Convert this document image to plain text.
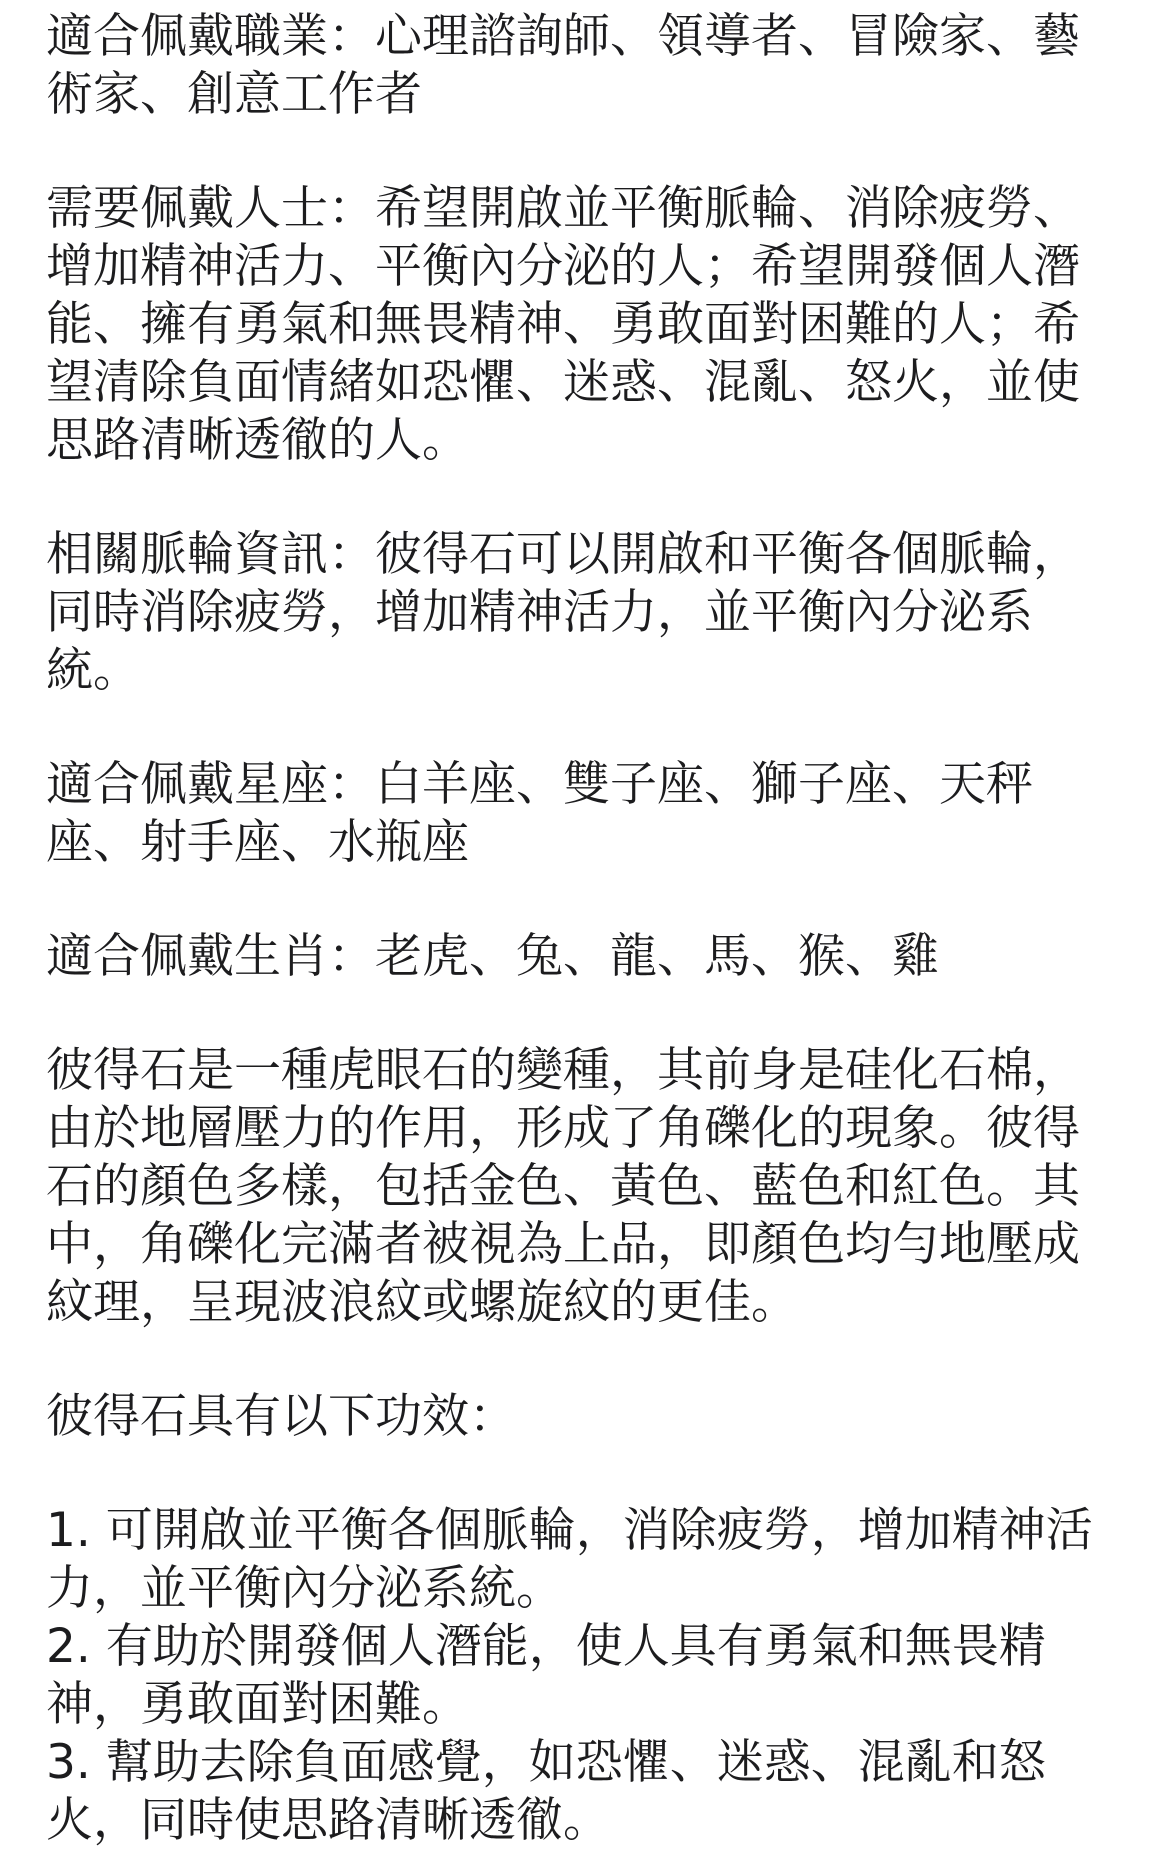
適合佩戴職業：心理諮詢師、領導者、冒險家、藝術家、創意工作者

需要佩戴人士：希望開啟並平衡脈輪、消除疲勞、增加精神活力、平衡內分泌的人；希望開發個人潛能、擁有勇氣和無畏精神、勇敢面對困難的人；希望清除負面情緒如恐懼、迷惑、混亂、怒火，並使思路清晰透徹的人。

相關脈輪資訊：彼得石可以開啟和平衡各個脈輪，同時消除疲勞，增加精神活力，並平衡內分泌系統。

適合佩戴星座：白羊座、雙子座、獅子座、天秤座、射手座、水瓶座

適合佩戴生肖：老虎、兔、龍、馬、猴、雞

彼得石是一種虎眼石的變種，其前身是硅化石棉，由於地層壓力的作用，形成了角礫化的現象。彼得石的顏色多樣，包括金色、黃色、藍色和紅色。其中，角礫化完滿者被視為上品，即顏色均勻地壓成紋理，呈現波浪紋或螺旋紋的更佳。

彼得石具有以下功效：

1. 可開啟並平衡各個脈輪，消除疲勞，增加精神活力，並平衡內分泌系統。

2. 有助於開發個人潛能，使人具有勇氣和無畏精神，勇敢面對困難。

3. 幫助去除負面感覺，如恐懼、迷惑、混亂和怒火，同時使思路清晰透徹。
